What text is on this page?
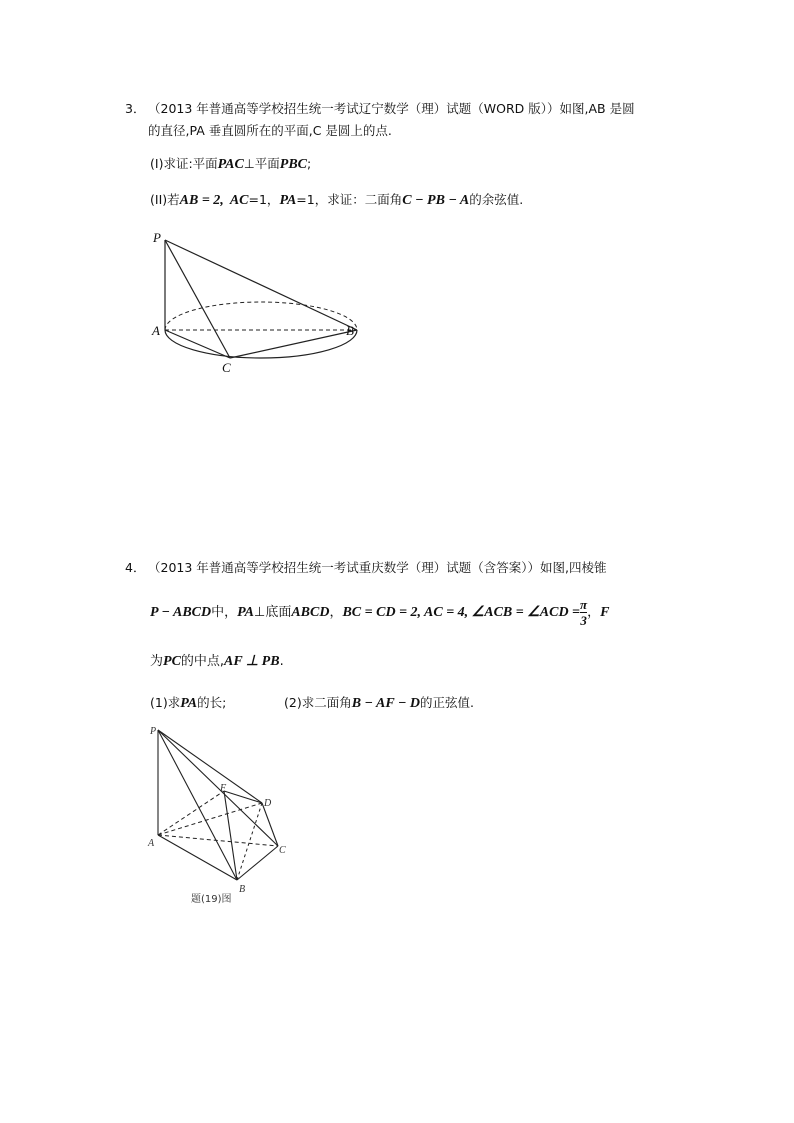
3． （2013 年普通高等学校招生统一考试辽宁数学（理）试题（WORD 版））如图,AB 是圆
的直径,PA 垂直圆所在的平面,C 是圆上的点.
(I)求证:平面PAC⊥平面PBC;
(II)若AB = 2, AC=1，PA=1，求证：二面角C − PB − A的余弦值.
P
A	B
C
4． （2013 年普通高等学校招生统一考试重庆数学（理）试题（含答案））如图,四棱锥
P − ABCD中，PA⊥底面ABCD，BC = CD = 2, AC = 4, ∠ACB = ∠ACD = $\frac{\pi}{3}$ ，F
为PC的中点,AF ⊥ PB.
(1)求PA的长;	(2)求二面角B − AF − D的正弦值.
P
A
B
C
D
F
题(19)图
